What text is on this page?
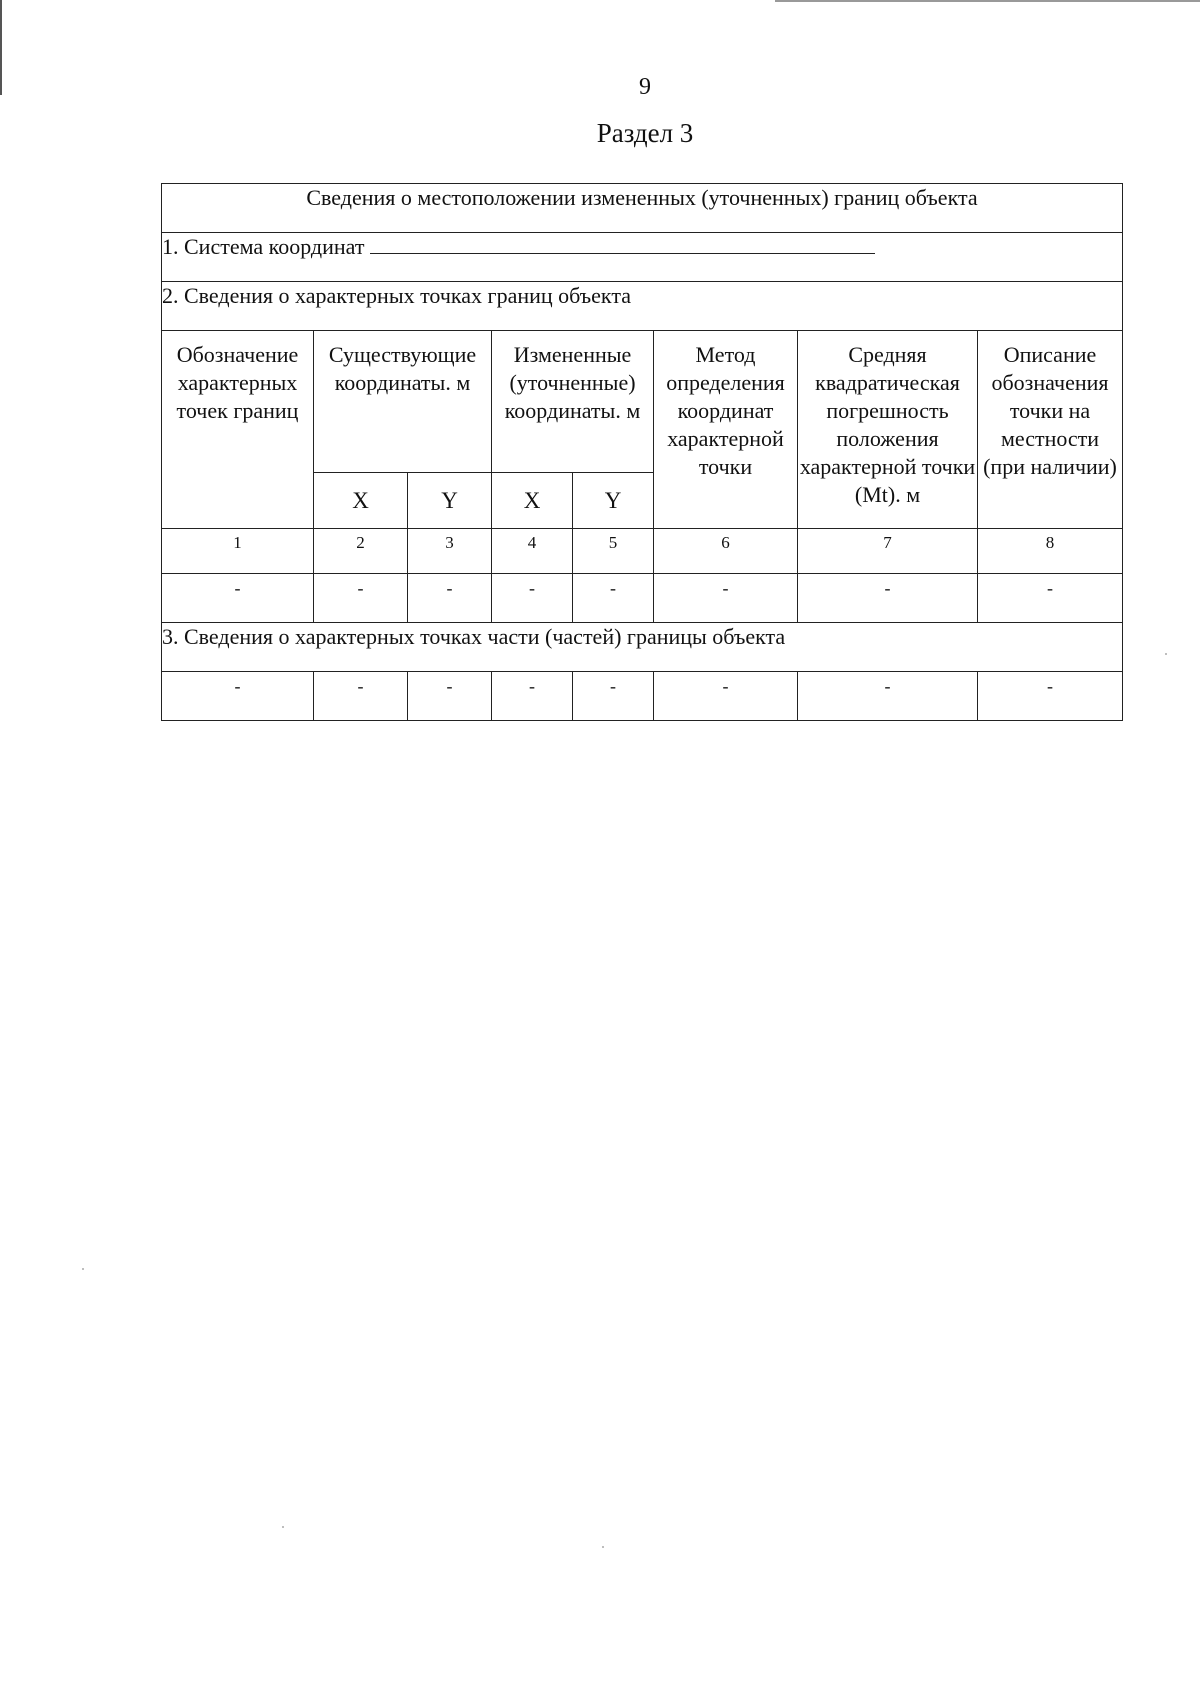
9
Раздел 3
Сведения о местоположении измененных (уточненных) границ объекта							
1. Система координат							
2. Сведения о характерных точках границ объекта							
Обозначение характерных точек границ	Существующие координаты. м		Измененные (уточненные) координаты. м		Метод определения координат характерной точки	Средняя квадратическая погрешность положения характерной точки (Mt). м	Описание обозначения точки на местности (при наличии)
	X	Y	X	Y			
1	2	3	4	5	6	7	8
-	-	-	-	-	-	-	-
3. Сведения о характерных точках части (частей) границы объекта							
-	-	-	-	-	-	-	-
